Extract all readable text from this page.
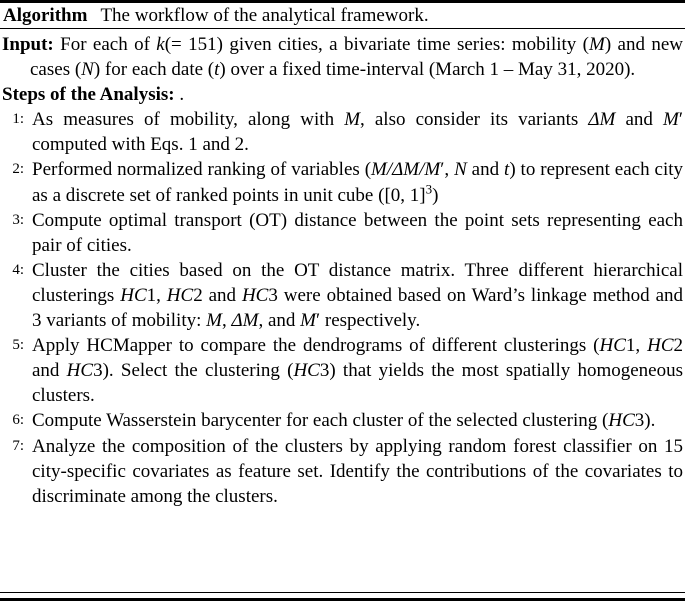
Algorithm The workflow of the analytical framework.

Input: For each of k(= 151) given cities, a bivariate time series: mobility (M) and new cases (N) for each date (t) over a fixed time-interval (March 1 – May 31, 2020).

Steps of the Analysis: .

1: As measures of mobility, along with M, also consider its variants ΔM and M′ computed with Eqs. 1 and 2.
2: Performed normalized ranking of variables (M/ΔM/M′, N and t) to represent each city as a discrete set of ranked points in unit cube ([0, 1]$^3$)
3: Compute optimal transport (OT) distance between the point sets representing each pair of cities.
4: Cluster the cities based on the OT distance matrix. Three different hierarchical clusterings HC1, HC2 and HC3 were obtained based on Ward’s linkage method and 3 variants of mobility: M, ΔM, and M′ respectively.
5: Apply HCMapper to compare the dendrograms of different clusterings (HC1, HC2 and HC3). Select the clustering (HC3) that yields the most spatially homogeneous clusters.
6: Compute Wasserstein barycenter for each cluster of the selected clustering (HC3).
7: Analyze the composition of the clusters by applying random forest classifier on 15 city-specific covariates as feature set. Identify the contributions of the covariates to discriminate among the clusters.
